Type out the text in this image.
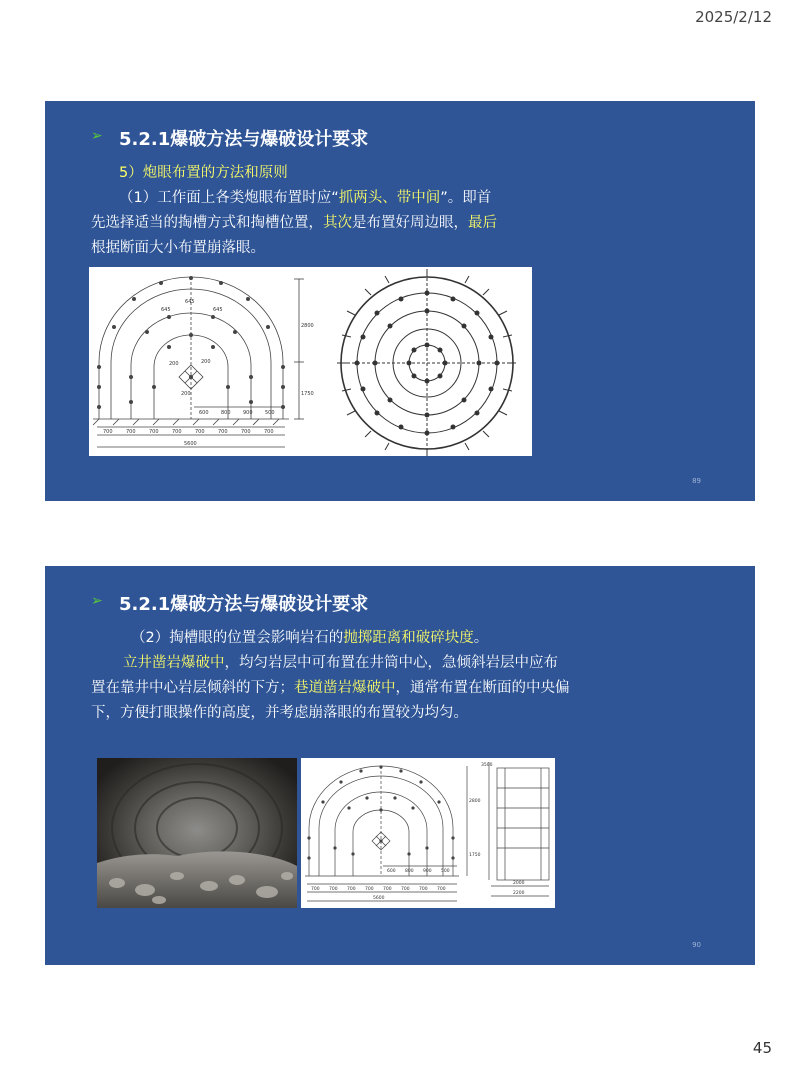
2025/2/12
➢ 5.2.1爆破方法与爆破设计要求
5）炮眼布置的方法和原则
（1）工作面上各类炮眼布置时应“抓两头、带中间”。即首
先选择适当的掏槽方式和掏槽位置，其次是布置好周边眼，最后
根据断面大小布置崩落眼。
645
645
645
2800
1750
200	200
200
600 800 900 500
700	700	700	700	700	700	700	700
5600
89
➢ 5.2.1爆破方法与爆破设计要求
（2）掏槽眼的位置会影响岩石的抛掷距离和破碎块度。
立井凿岩爆破中，均匀岩层中可布置在井筒中心，急倾斜岩层中应布置在靠井中心岩层倾斜的下方；巷道凿岩爆破中，通常布置在断面的中央偏下，方便打眼操作的高度，并考虑崩落眼的布置较为均匀。
2800
1750
600 800 900 500
700 700 700 700 700 700 700 700
5600
3500
2000
2200
90
45
